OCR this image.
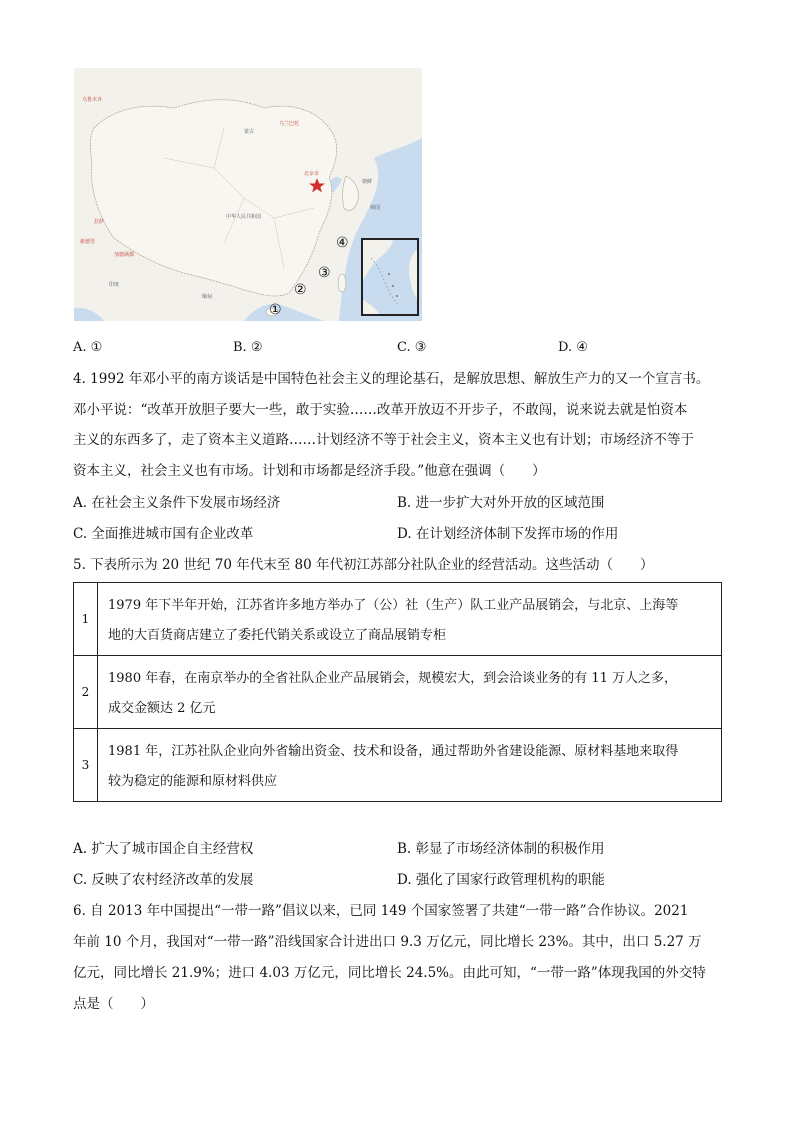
乌鲁木齐
乌兰巴托
蒙古
北京市
朝鲜
韩国
中华人民共和国
拉萨
新德里
加德满都
印度
缅甸
①
②
③
④
A. ①	B. ②	C. ③	D. ④
4. 1992 年邓小平的南方谈话是中国特色社会主义的理论基石，是解放思想、解放生产力的又一个宣言书。
邓小平说：“改革开放胆子要大一些，敢于实验……改革开放迈不开步子，不敢闯，说来说去就是怕资本
主义的东西多了，走了资本主义道路……计划经济不等于社会主义，资本主义也有计划；市场经济不等于
资本主义，社会主义也有市场。计划和市场都是经济手段。”他意在强调（　　）
A. 在社会主义条件下发展市场经济	B. 进一步扩大对外开放的区域范围
C. 全面推进城市国有企业改革	D. 在计划经济体制下发挥市场的作用
5. 下表所示为 20 世纪 70 年代末至 80 年代初江苏部分社队企业的经营活动。这些活动（　　）
1	1979 年下半年开始，江苏省许多地方举办了（公）社（生产）队工业产品展销会，与北京、上海等
地的大百货商店建立了委托代销关系或设立了商品展销专柜

2	1980 年春，在南京举办的全省社队企业产品展销会，规模宏大，到会洽谈业务的有 11 万人之多，
成交金额达 2 亿元

3	1981 年，江苏社队企业向外省输出资金、技术和设备，通过帮助外省建设能源、原材料基地来取得
较为稳定的能源和原材料供应
A. 扩大了城市国企自主经营权	B. 彰显了市场经济体制的积极作用
C. 反映了农村经济改革的发展	D. 强化了国家行政管理机构的职能
6. 自 2013 年中国提出“一带一路”倡议以来，已同 149 个国家签署了共建“一带一路”合作协议。2021
年前 10 个月，我国对“一带一路”沿线国家合计进出口 9.3 万亿元，同比增长 23%。其中，出口 5.27 万
亿元，同比增长 21.9%；进口 4.03 万亿元，同比增长 24.5%。由此可知，“一带一路”体现我国的外交特
点是（　　）
